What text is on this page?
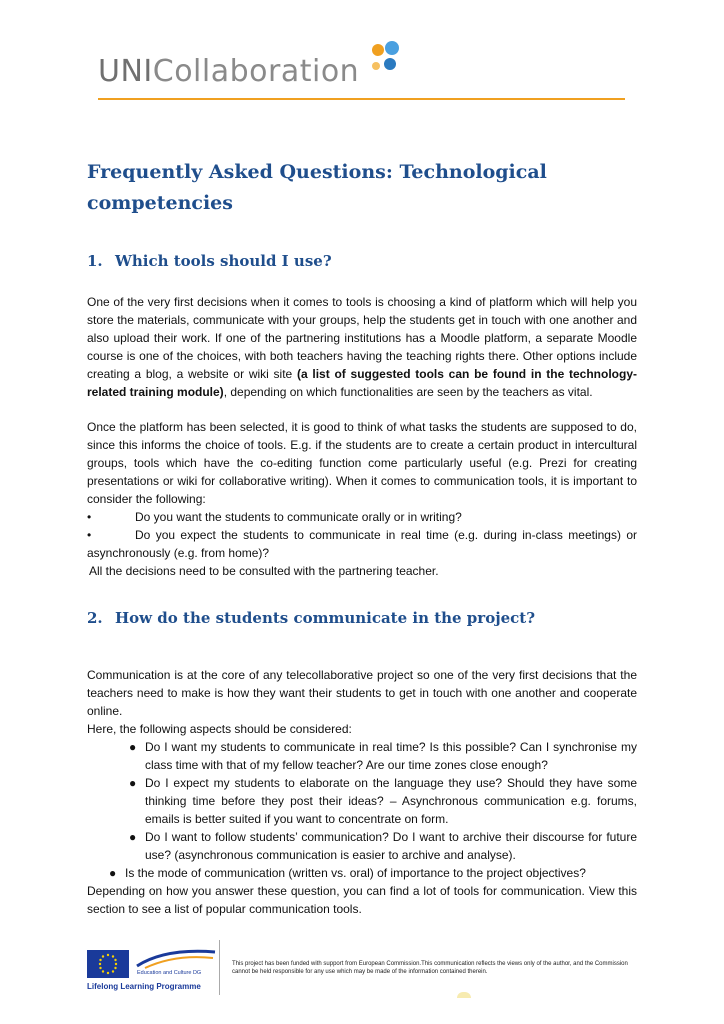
UNICollaboration
Frequently Asked Questions: Technological competencies
1. Which tools should I use?

One of the very first decisions when it comes to tools is choosing a kind of platform which will help you store the materials, communicate with your groups, help the students get in touch with one another and also upload their work. If one of the partnering institutions has a Moodle platform, a separate Moodle course is one of the choices, with both teachers having the teaching rights there. Other options include creating a blog, a website or wiki site (a list of suggested tools can be found in the technology-related training module), depending on which functionalities are seen by the teachers as vital.

Once the platform has been selected, it is good to think of what tasks the students are supposed to do, since this informs the choice of tools. E.g. if the students are to create a certain product in intercultural groups, tools which have the co-editing function come particularly useful (e.g. Prezi for creating presentations or wiki for collaborative writing). When it comes to communication tools, it is important to consider the following:

•	Do you want the students to communicate orally or in writing?
•	Do you expect the students to communicate in real time (e.g. during in-class meetings) or asynchronously (e.g. from home)?

All the decisions need to be consulted with the partnering teacher.

2. How do the students communicate in the project?

Communication is at the core of any telecollaborative project so one of the very first decisions that the teachers need to make is how they want their students to get in touch with one another and cooperate online.

Here, the following aspects should be considered:

● Do I want my students to communicate in real time? Is this possible? Can I synchronise my class time with that of my fellow teacher? Are our time zones close enough?
● Do I expect my students to elaborate on the language they use? Should they have some thinking time before they post their ideas? – Asynchronous communication e.g. forums, emails is better suited if you want to concentrate on form.
● Do I want to follow students’ communication? Do I want to archive their discourse for future use? (asynchronous communication is easier to archive and analyse).
● Is the mode of communication (written vs. oral) of importance to the project objectives?

Depending on how you answer these question, you can find a lot of tools for communication. View this section to see a list of popular communication tools.

Education and Culture DG
Lifelong Learning Programme
This project has been funded with support from European Commission.This communication reflects the views only of the author, and the Commission cannot be held responsible for any use which may be made of the information contained therein.
